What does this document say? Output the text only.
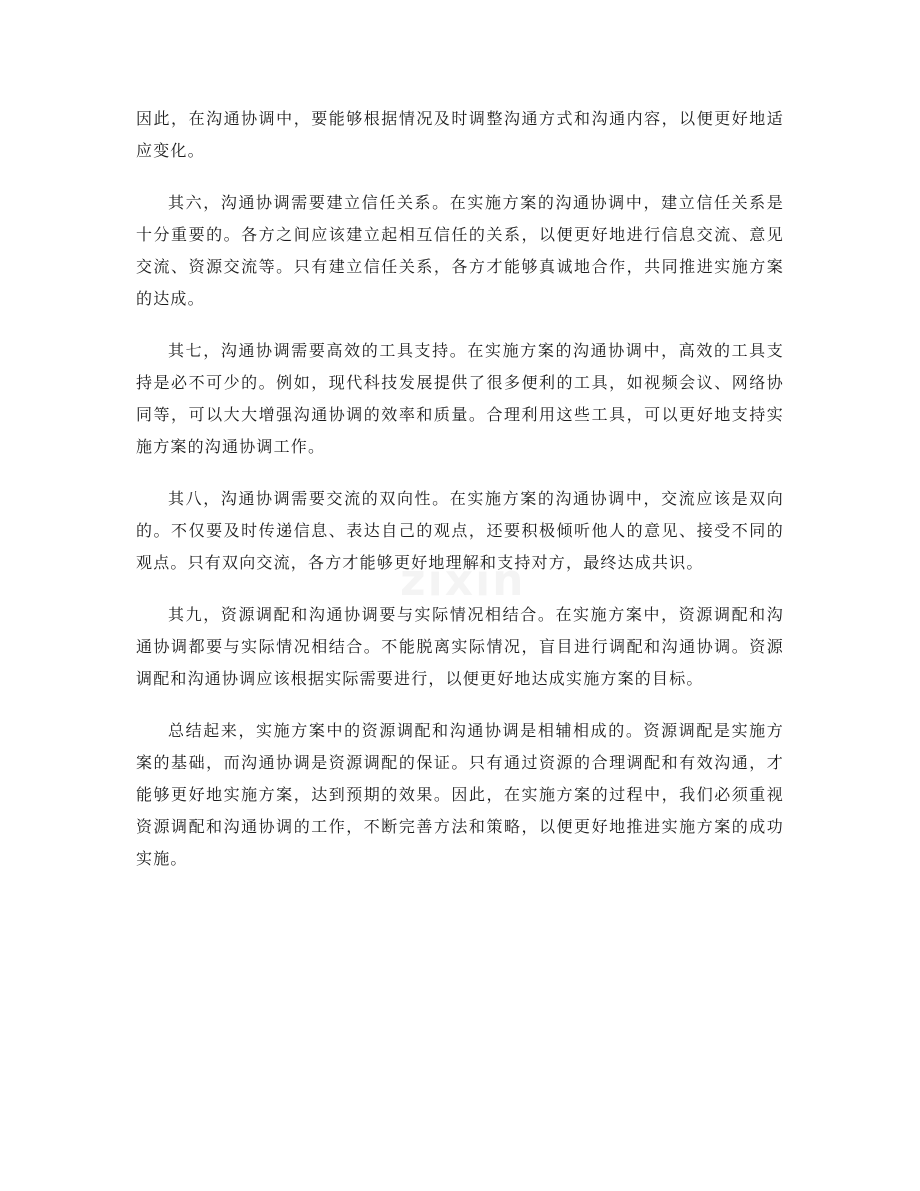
因此，在沟通协调中，要能够根据情况及时调整沟通方式和沟通内容，以便更好地适应变化。

其六，沟通协调需要建立信任关系。在实施方案的沟通协调中，建立信任关系是十分重要的。各方之间应该建立起相互信任的关系，以便更好地进行信息交流、意见交流、资源交流等。只有建立信任关系，各方才能够真诚地合作，共同推进实施方案的达成。

其七，沟通协调需要高效的工具支持。在实施方案的沟通协调中，高效的工具支持是必不可少的。例如，现代科技发展提供了很多便利的工具，如视频会议、网络协同等，可以大大增强沟通协调的效率和质量。合理利用这些工具，可以更好地支持实施方案的沟通协调工作。

其八，沟通协调需要交流的双向性。在实施方案的沟通协调中，交流应该是双向的。不仅要及时传递信息、表达自己的观点，还要积极倾听他人的意见、接受不同的观点。只有双向交流，各方才能够更好地理解和支持对方，最终达成共识。

其九，资源调配和沟通协调要与实际情况相结合。在实施方案中，资源调配和沟通协调都要与实际情况相结合。不能脱离实际情况，盲目进行调配和沟通协调。资源调配和沟通协调应该根据实际需要进行，以便更好地达成实施方案的目标。

总结起来，实施方案中的资源调配和沟通协调是相辅相成的。资源调配是实施方案的基础，而沟通协调是资源调配的保证。只有通过资源的合理调配和有效沟通，才能够更好地实施方案，达到预期的效果。因此，在实施方案的过程中，我们必须重视资源调配和沟通协调的工作，不断完善方法和策略，以便更好地推进实施方案的成功实施。
